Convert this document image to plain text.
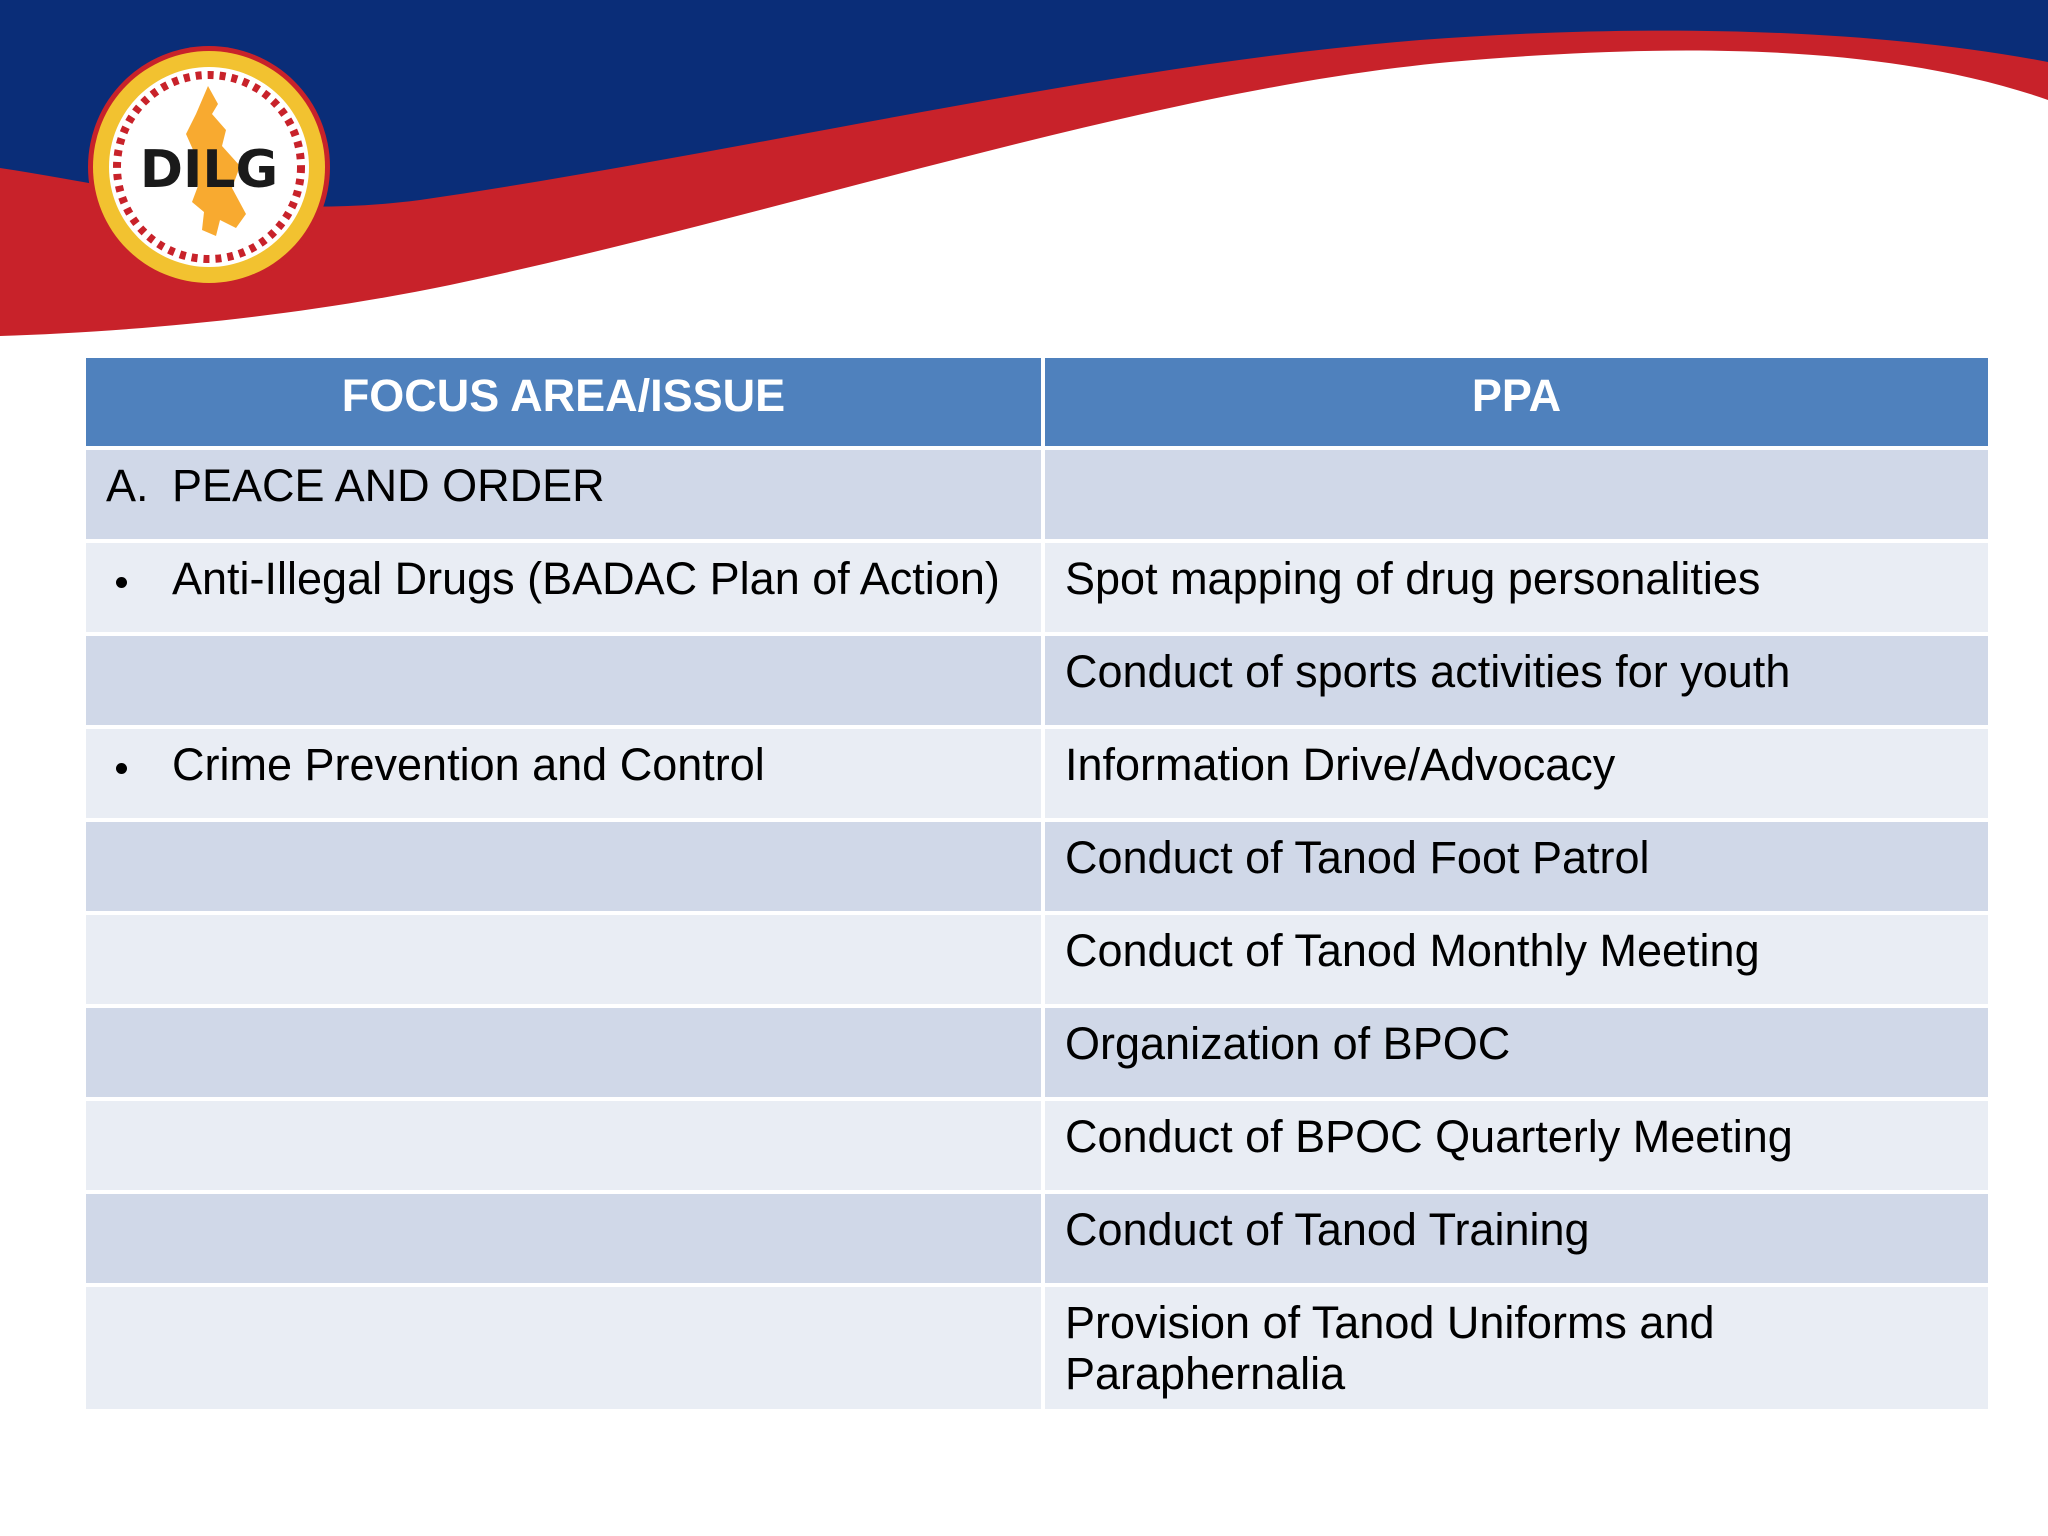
DILG
FOCUS AREA/ISSUE	PPA
A. PEACE AND ORDER	
Anti-Illegal Drugs (BADAC Plan of Action)	Spot mapping of drug personalities
	Conduct of sports activities for youth
Crime Prevention and Control	Information Drive/Advocacy
	Conduct of Tanod Foot Patrol
	Conduct of Tanod Monthly Meeting
	Organization of BPOC
	Conduct of BPOC Quarterly Meeting
	Conduct of Tanod Training
	Provision of Tanod Uniforms and Paraphernalia
